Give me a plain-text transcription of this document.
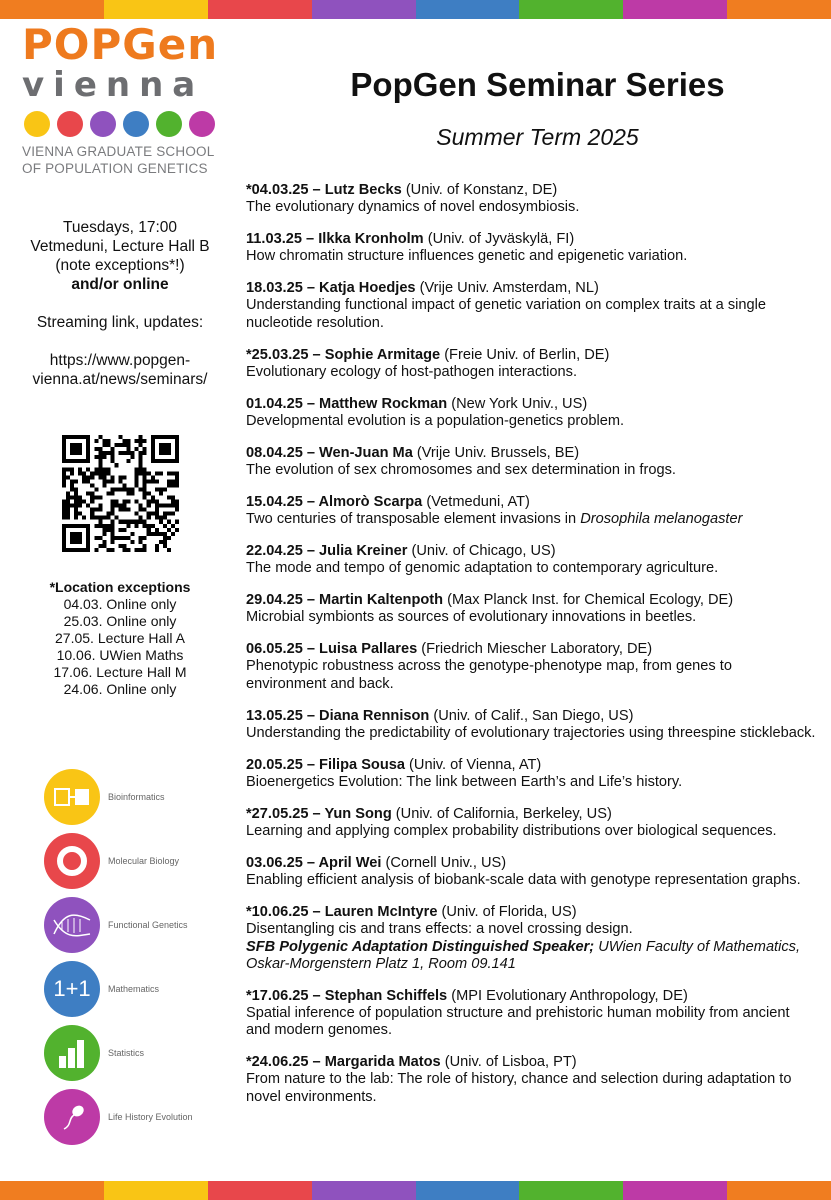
POPGen
vienna
VIENNA GRADUATE SCHOOL
OF POPULATION GENETICS
PopGen Seminar Series
Summer Term 2025

Tuesdays, 17:00

Vetmeduni, Lecture Hall B

(note exceptions*!)

and/or online

Streaming link, updates:

https://www.popgen-

vienna.at/news/seminars/

*Location exceptions
04.03. Online only
25.03. Online only
27.05. Lecture Hall A
10.06. UWien Maths
17.06. Lecture Hall M
24.06. Online only
Bioinformatics
Molecular Biology
Functional Genetics
1+1 Mathematics
Statistics
Life History Evolution
*04.03.25 – Lutz Becks (Univ. of Konstanz, DE)
The evolutionary dynamics of novel endosymbiosis.
11.03.25 – Ilkka Kronholm (Univ. of Jyväskylä, FI)
How chromatin structure influences genetic and epigenetic variation.
18.03.25 – Katja Hoedjes (Vrije Univ. Amsterdam, NL)
Understanding functional impact of genetic variation on complex traits at a single nucleotide resolution.
*25.03.25 – Sophie Armitage (Freie Univ. of Berlin, DE)
Evolutionary ecology of host-pathogen interactions.
01.04.25 – Matthew Rockman (New York Univ., US)
Developmental evolution is a population-genetics problem.
08.04.25 – Wen-Juan Ma (Vrije Univ. Brussels, BE)
The evolution of sex chromosomes and sex determination in frogs.
15.04.25 – Almorò Scarpa (Vetmeduni, AT)
Two centuries of transposable element invasions in Drosophila melanogaster
22.04.25 – Julia Kreiner (Univ. of Chicago, US)
The mode and tempo of genomic adaptation to contemporary agriculture.
29.04.25 – Martin Kaltenpoth (Max Planck Inst. for Chemical Ecology, DE)
Microbial symbionts as sources of evolutionary innovations in beetles.
06.05.25 – Luisa Pallares (Friedrich Miescher Laboratory, DE)
Phenotypic robustness across the genotype-phenotype map, from genes to environment and back.
13.05.25 – Diana Rennison (Univ. of Calif., San Diego, US)
Understanding the predictability of evolutionary trajectories using threespine stickleback.
20.05.25 – Filipa Sousa (Univ. of Vienna, AT)
Bioenergetics Evolution: The link between Earth’s and Life’s history.
*27.05.25 – Yun Song (Univ. of California, Berkeley, US)
Learning and applying complex probability distributions over biological sequences.
03.06.25 – April Wei (Cornell Univ., US)
Enabling efficient analysis of biobank-scale data with genotype representation graphs.
*10.06.25 – Lauren McIntyre (Univ. of Florida, US)
Disentangling cis and trans effects: a novel crossing design.
SFB Polygenic Adaptation Distinguished Speaker; UWien Faculty of Mathematics, Oskar-Morgenstern Platz 1, Room 09.141
*17.06.25 – Stephan Schiffels (MPI Evolutionary Anthropology, DE)
Spatial inference of population structure and prehistoric human mobility from ancient and modern genomes.
*24.06.25 – Margarida Matos (Univ. of Lisboa, PT)
From nature to the lab: The role of history, chance and selection during adaptation to novel environments.
